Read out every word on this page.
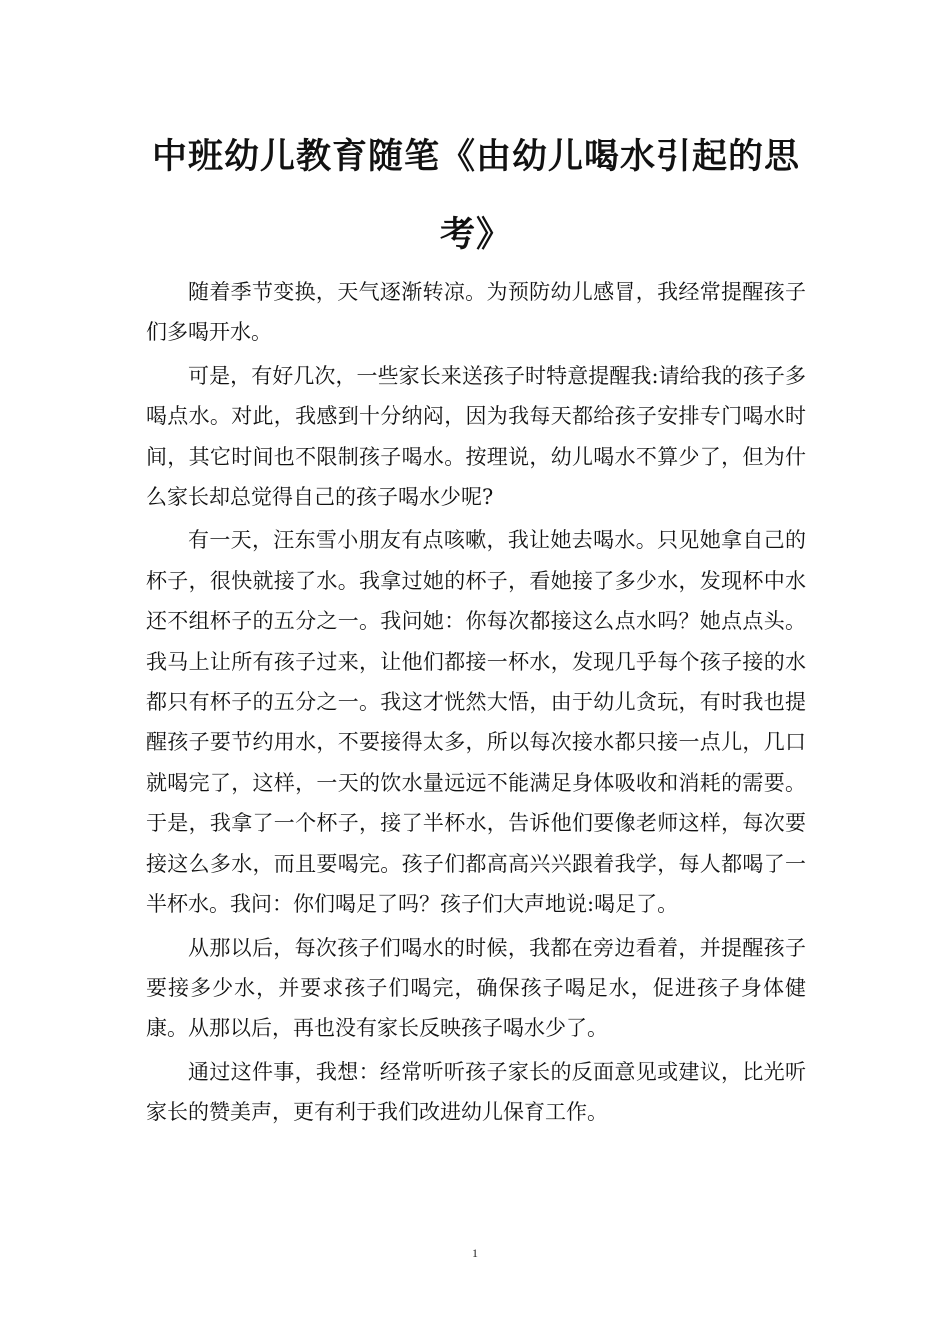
中班幼儿教育随笔《由幼儿喝水引起的思考》

随着季节变换，天气逐渐转凉。为预防幼儿感冒，我经常提醒孩子们多喝开水。

可是，有好几次，一些家长来送孩子时特意提醒我:请给我的孩子多喝点水。对此，我感到十分纳闷，因为我每天都给孩子安排专门喝水时间，其它时间也不限制孩子喝水。按理说，幼儿喝水不算少了，但为什么家长却总觉得自己的孩子喝水少呢?

有一天，汪东雪小朋友有点咳嗽，我让她去喝水。只见她拿自己的杯子，很快就接了水。我拿过她的杯子，看她接了多少水，发现杯中水还不组杯子的五分之一。我问她：你每次都接这么点水吗？她点点头。我马上让所有孩子过来，让他们都接一杯水，发现几乎每个孩子接的水都只有杯子的五分之一。我这才恍然大悟，由于幼儿贪玩，有时我也提醒孩子要节约用水，不要接得太多，所以每次接水都只接一点儿，几口就喝完了，这样，一天的饮水量远远不能满足身体吸收和消耗的需要。于是，我拿了一个杯子，接了半杯水，告诉他们要像老师这样，每次要接这么多水，而且要喝完。孩子们都高高兴兴跟着我学，每人都喝了一半杯水。我问：你们喝足了吗？孩子们大声地说:喝足了。

从那以后，每次孩子们喝水的时候，我都在旁边看着，并提醒孩子要接多少水，并要求孩子们喝完，确保孩子喝足水，促进孩子身体健康。从那以后，再也没有家长反映孩子喝水少了。

通过这件事，我想：经常听听孩子家长的反面意见或建议，比光听家长的赞美声，更有利于我们改进幼儿保育工作。

1
